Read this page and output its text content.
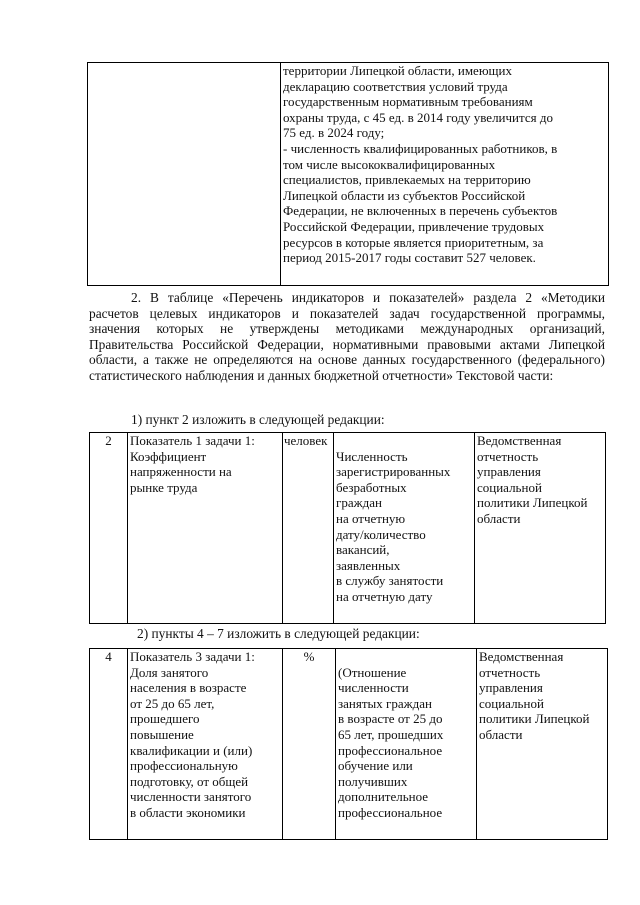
	территории Липецкой области, имеющих
декларацию соответствия условий труда
государственным нормативным требованиям
охраны труда, с 45 ед. в 2014 году увеличится до
75 ед. в 2024 году;
- численность квалифицированных работников, в
том числе высококвалифицированных
специалистов, привлекаемых на территорию
Липецкой области из субъектов Российской
Федерации, не включенных в перечень субъектов
Российской Федерации, привлечение трудовых
ресурсов в которые является приоритетным, за
период 2015-2017 годы составит 527 человек.
2. В таблице «Перечень индикаторов и показателей» раздела 2 «Методики расчетов целевых индикаторов и показателей задач государственной программы, значения которых не утверждены методиками международных организаций, Правительства Российской Федерации, нормативными правовыми актами Липецкой области, а также не определяются на основе данных государственного (федерального) статистического наблюдения и данных бюджетной отчетности» Текстовой части:
1) пункт 2 изложить в следующей редакции:
2	Показатель 1 задачи 1:
Коэффициент
напряженности на
рынке труда	человек	
Численность
зарегистрированных
безработных
граждан
на отчетную
дату/количество
вакансий,
заявленных
в службу занятости
на отчетную дату	Ведомственная
отчетность
управления
социальной
политики Липецкой
области
2) пункты 4 – 7 изложить в следующей редакции:
4	Показатель 3 задачи 1:
Доля занятого
населения в возрасте
от 25 до 65 лет,
прошедшего
повышение
квалификации и (или)
профессиональную
подготовку, от общей
численности занятого
в области экономики	%	
(Отношение
численности
занятых граждан
в возрасте от 25 до
65 лет, прошедших
профессиональное
обучение или
получивших
дополнительное
профессиональное	Ведомственная
отчетность
управления
социальной
политики Липецкой
области
